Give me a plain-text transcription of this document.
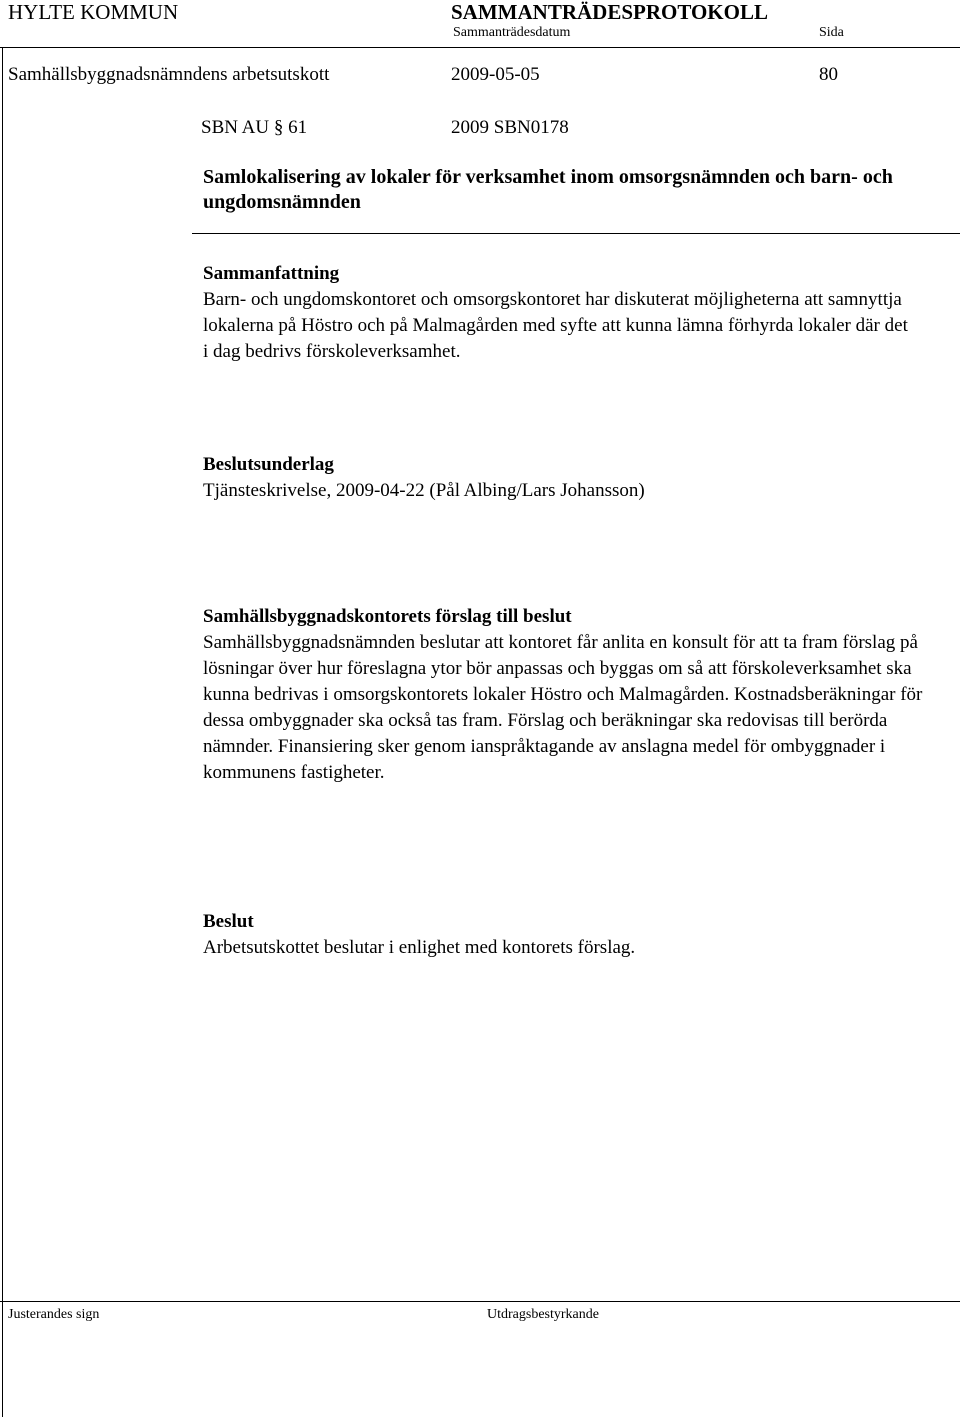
HYLTE KOMMUN	SAMMANTRÄDESPROTOKOLL
Sammanträdesdatum	Sida
Samhällsbyggnadsnämndens arbetsutskott	2009-05-05	80
SBN AU § 61	2009 SBN0178
Samlokalisering av lokaler för verksamhet inom omsorgsnämnden och barn- och ungdomsnämnden
Sammanfattning

Barn- och ungdomskontoret och omsorgskontoret har diskuterat möjligheterna att samnyttja lokalerna på Höstro och på Malmagården med syfte att kunna lämna förhyrda lokaler där det i dag bedrivs förskoleverksamhet.

Beslutsunderlag

Tjänsteskrivelse, 2009-04-22 (Pål Albing/Lars Johansson)

Samhällsbyggnadskontorets förslag till beslut

Samhällsbyggnadsnämnden beslutar att kontoret får anlita en konsult för att ta fram förslag på lösningar över hur föreslagna ytor bör anpassas och byggas om så att förskoleverksamhet ska kunna bedrivas i omsorgskontorets lokaler Höstro och Malmagården. Kostnadsberäkningar för dessa ombyggnader ska också tas fram. Förslag och beräkningar ska redovisas till berörda nämnder. Finansiering sker genom ianspråktagande av anslagna medel för ombyggnader i kommunens fastigheter.

Beslut

Arbetsutskottet beslutar i enlighet med kontorets förslag.

Justerandes sign	Utdragsbestyrkande
